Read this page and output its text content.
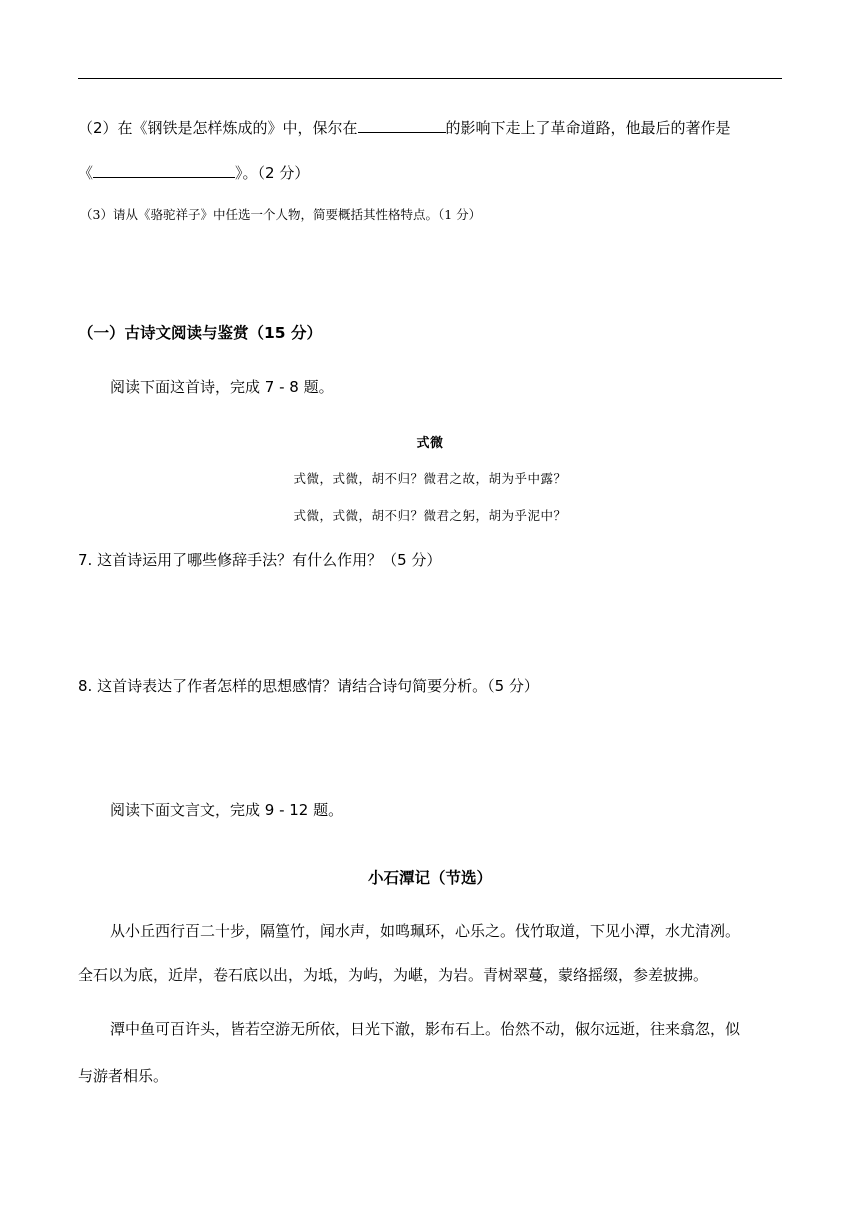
（2）在《钢铁是怎样炼成的》中，保尔在	的影响下走上了革命道路，他最后的著作是
《	》。（2 分）
（3）请从《骆驼祥子》中任选一个人物，简要概括其性格特点。（1 分）
（一）古诗文阅读与鉴赏（15 分）
阅读下面这首诗，完成 7 - 8 题。
式微
式微，式微，胡不归？微君之故，胡为乎中露？
式微，式微，胡不归？微君之躬，胡为乎泥中？
7. 这首诗运用了哪些修辞手法？有什么作用？（5 分）
8. 这首诗表达了作者怎样的思想感情？请结合诗句简要分析。（5 分）
阅读下面文言文，完成 9 - 12 题。
小石潭记（节选）
从小丘西行百二十步，隔篁竹，闻水声，如鸣珮环，心乐之。伐竹取道，下见小潭，水尤清冽。
全石以为底，近岸，卷石底以出，为坻，为屿，为嵁，为岩。青树翠蔓，蒙络摇缀，参差披拂。
潭中鱼可百许头，皆若空游无所依，日光下澈，影布石上。佁然不动，俶尔远逝，往来翕忽，似
与游者相乐。
